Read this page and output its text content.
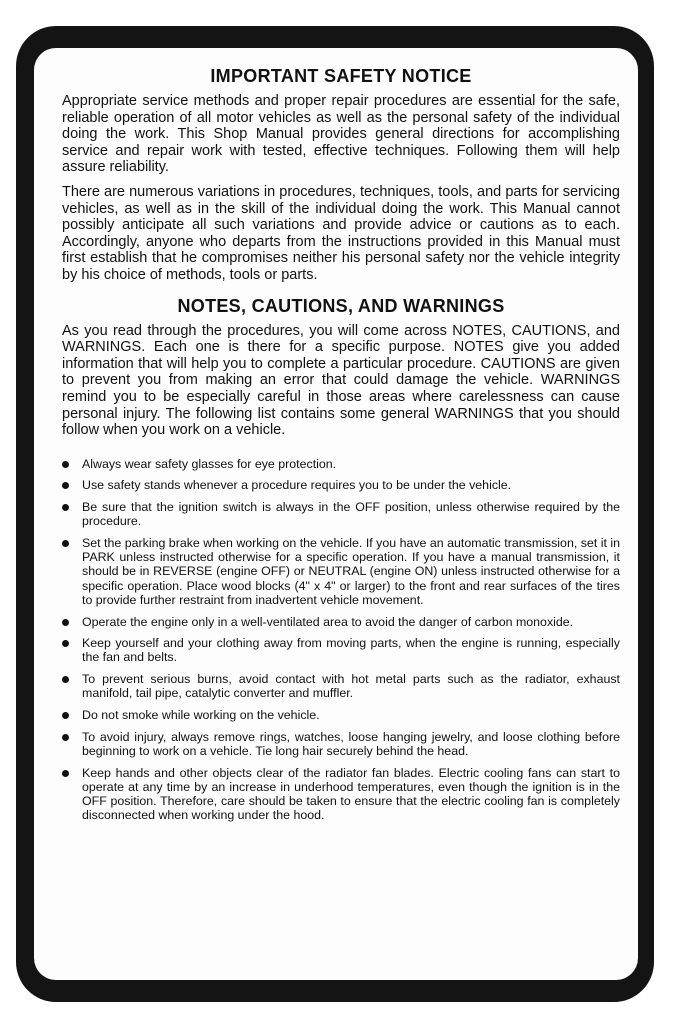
IMPORTANT SAFETY NOTICE

Appropriate service methods and proper repair procedures are essential for the safe, reliable operation of all motor vehicles as well as the personal safety of the individual doing the work. This Shop Manual provides general directions for accomplishing service and repair work with tested, effective techniques. Following them will help assure reliability.

There are numerous variations in procedures, techniques, tools, and parts for servicing vehicles, as well as in the skill of the individual doing the work. This Manual cannot possibly anticipate all such variations and provide advice or cautions as to each. Accordingly, anyone who departs from the instructions provided in this Manual must first establish that he compromises neither his personal safety nor the vehicle integrity by his choice of methods, tools or parts.

NOTES, CAUTIONS, AND WARNINGS

As you read through the procedures, you will come across NOTES, CAUTIONS, and WARNINGS. Each one is there for a specific purpose. NOTES give you added information that will help you to complete a particular procedure. CAUTIONS are given to prevent you from making an error that could damage the vehicle. WARNINGS remind you to be especially careful in those areas where carelessness can cause personal injury. The following list contains some general WARNINGS that you should follow when you work on a vehicle.

Always wear safety glasses for eye protection.
Use safety stands whenever a procedure requires you to be under the vehicle.
Be sure that the ignition switch is always in the OFF position, unless otherwise required by the procedure.
Set the parking brake when working on the vehicle. If you have an automatic transmission, set it in PARK unless instructed otherwise for a specific operation. If you have a manual transmission, it should be in REVERSE (engine OFF) or NEUTRAL (engine ON) unless instructed otherwise for a specific operation. Place wood blocks (4" x 4" or larger) to the front and rear surfaces of the tires to provide further restraint from inadvertent vehicle movement.
Operate the engine only in a well-ventilated area to avoid the danger of carbon monoxide.
Keep yourself and your clothing away from moving parts, when the engine is running, especially the fan and belts.
To prevent serious burns, avoid contact with hot metal parts such as the radiator, exhaust manifold, tail pipe, catalytic converter and muffler.
Do not smoke while working on the vehicle.
To avoid injury, always remove rings, watches, loose hanging jewelry, and loose clothing before beginning to work on a vehicle. Tie long hair securely behind the head.
Keep hands and other objects clear of the radiator fan blades. Electric cooling fans can start to operate at any time by an increase in underhood temperatures, even though the ignition is in the OFF position. Therefore, care should be taken to ensure that the electric cooling fan is completely disconnected when working under the hood.
